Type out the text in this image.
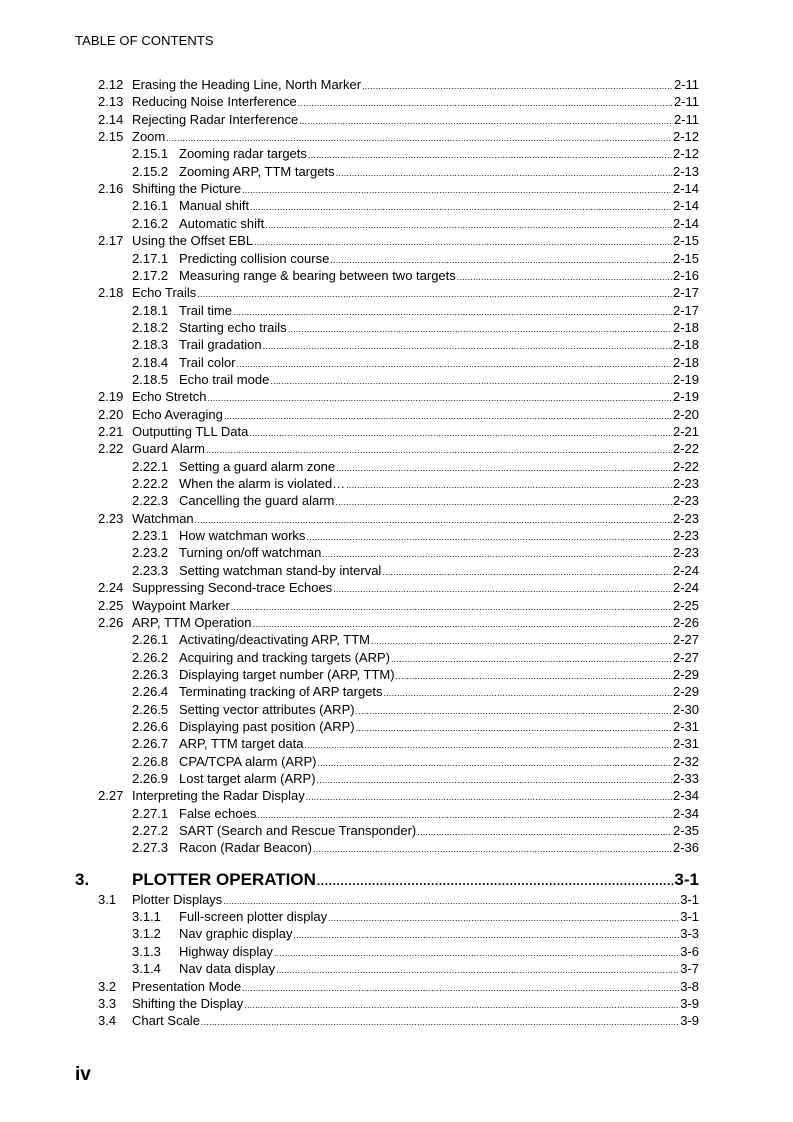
TABLE OF CONTENTS
2.12 Erasing the Heading Line, North Marker .....	2-11
2.13 Reducing Noise Interference .....	2-11
2.14 Rejecting Radar Interference .....	2-11
2.15 Zoom .....	2-12
2.15.1 Zooming radar targets .....	2-12
2.15.2 Zooming ARP, TTM targets .....	2-13
2.16 Shifting the Picture .....	2-14
2.16.1 Manual shift .....	2-14
2.16.2 Automatic shift .....	2-14
2.17 Using the Offset EBL .....	2-15
2.17.1 Predicting collision course .....	2-15
2.17.2 Measuring range & bearing between two targets .....	2-16
2.18 Echo Trails .....	2-17
2.18.1 Trail time .....	2-17
2.18.2 Starting echo trails .....	2-18
2.18.3 Trail gradation .....	2-18
2.18.4 Trail color .....	2-18
2.18.5 Echo trail mode .....	2-19
2.19 Echo Stretch .....	2-19
2.20 Echo Averaging .....	2-20
2.21 Outputting TLL Data .....	2-21
2.22 Guard Alarm .....	2-22
2.22.1 Setting a guard alarm zone .....	2-22
2.22.2 When the alarm is violated… .....	2-23
2.22.3 Cancelling the guard alarm .....	2-23
2.23 Watchman .....	2-23
2.23.1 How watchman works .....	2-23
2.23.2 Turning on/off watchman .....	2-23
2.23.3 Setting watchman stand-by interval .....	2-24
2.24 Suppressing Second-trace Echoes .....	2-24
2.25 Waypoint Marker .....	2-25
2.26 ARP, TTM Operation .....	2-26
2.26.1 Activating/deactivating ARP, TTM .....	2-27
2.26.2 Acquiring and tracking targets (ARP) .....	2-27
2.26.3 Displaying target number (ARP, TTM) .....	2-29
2.26.4 Terminating tracking of ARP targets .....	2-29
2.26.5 Setting vector attributes (ARP) .....	2-30
2.26.6 Displaying past position (ARP) .....	2-31
2.26.7 ARP, TTM target data .....	2-31
2.26.8 CPA/TCPA alarm (ARP) .....	2-32
2.26.9 Lost target alarm (ARP) .....	2-33
2.27 Interpreting the Radar Display .....	2-34
2.27.1 False echoes .....	2-34
2.27.2 SART (Search and Rescue Transponder) .....	2-35
2.27.3 Racon (Radar Beacon) .....	2-36
3.	PLOTTER OPERATION .....	3-1
3.1	Plotter Displays .....	3-1
3.1.1	Full-screen plotter display .....	3-1
3.1.2	Nav graphic display .....	3-3
3.1.3	Highway display .....	3-6
3.1.4	Nav data display .....	3-7
3.2	Presentation Mode .....	3-8
3.3	Shifting the Display .....	3-9
3.4	Chart Scale .....	3-9
iv
